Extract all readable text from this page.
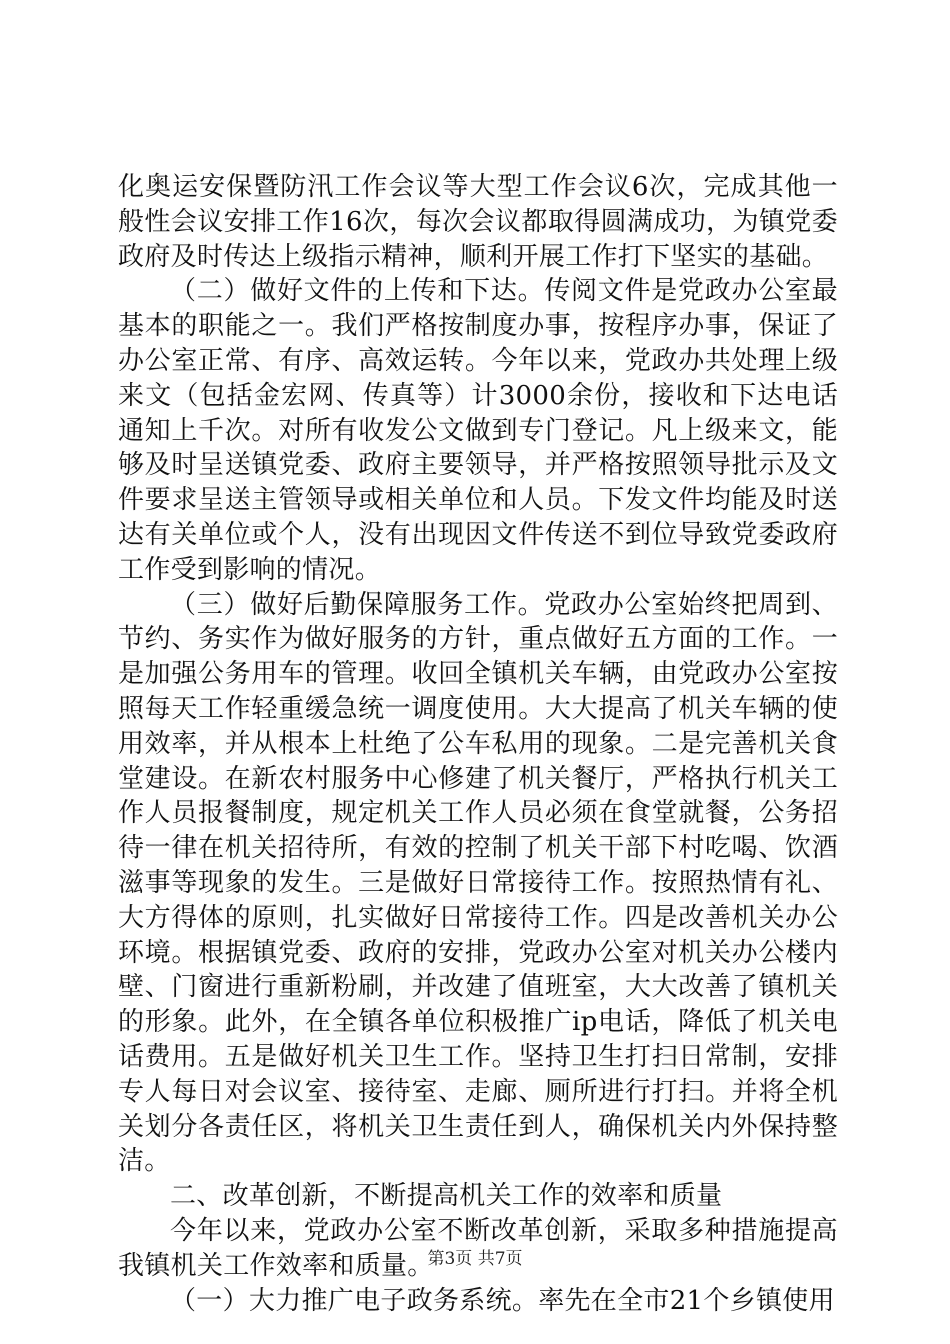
化奥运安保暨防汛工作会议等大型工作会议6次，完成其他一般性会议安排工作16次，每次会议都取得圆满成功，为镇党委政府及时传达上级指示精神，顺利开展工作打下坚实的基础。

（二）做好文件的上传和下达。传阅文件是党政办公室最基本的职能之一。我们严格按制度办事，按程序办事，保证了办公室正常、有序、高效运转。今年以来，党政办共处理上级来文（包括金宏网、传真等）计3000余份，接收和下达电话通知上千次。对所有收发公文做到专门登记。凡上级来文，能够及时呈送镇党委、政府主要领导，并严格按照领导批示及文件要求呈送主管领导或相关单位和人员。下发文件均能及时送达有关单位或个人，没有出现因文件传送不到位导致党委政府工作受到影响的情况。

（三）做好后勤保障服务工作。党政办公室始终把周到、节约、务实作为做好服务的方针，重点做好五方面的工作。一是加强公务用车的管理。收回全镇机关车辆，由党政办公室按照每天工作轻重缓急统一调度使用。大大提高了机关车辆的使用效率，并从根本上杜绝了公车私用的现象。二是完善机关食堂建设。在新农村服务中心修建了机关餐厅，严格执行机关工作人员报餐制度，规定机关工作人员必须在食堂就餐，公务招待一律在机关招待所，有效的控制了机关干部下村吃喝、饮酒滋事等现象的发生。三是做好日常接待工作。按照热情有礼、大方得体的原则，扎实做好日常接待工作。四是改善机关办公环境。根据镇党委、政府的安排，党政办公室对机关办公楼内壁、门窗进行重新粉刷，并改建了值班室，大大改善了镇机关的形象。此外，在全镇各单位积极推广ip电话，降低了机关电话费用。五是做好机关卫生工作。坚持卫生打扫日常制，安排专人每日对会议室、接待室、走廊、厕所进行打扫。并将全机关划分各责任区，将机关卫生责任到人，确保机关内外保持整洁。

二、改革创新，不断提高机关工作的效率和质量

今年以来，党政办公室不断改革创新，采取多种措施提高我镇机关工作效率和质量。

（一）大力推广电子政务系统。率先在全市21个乡镇使用

第3页 共7页
